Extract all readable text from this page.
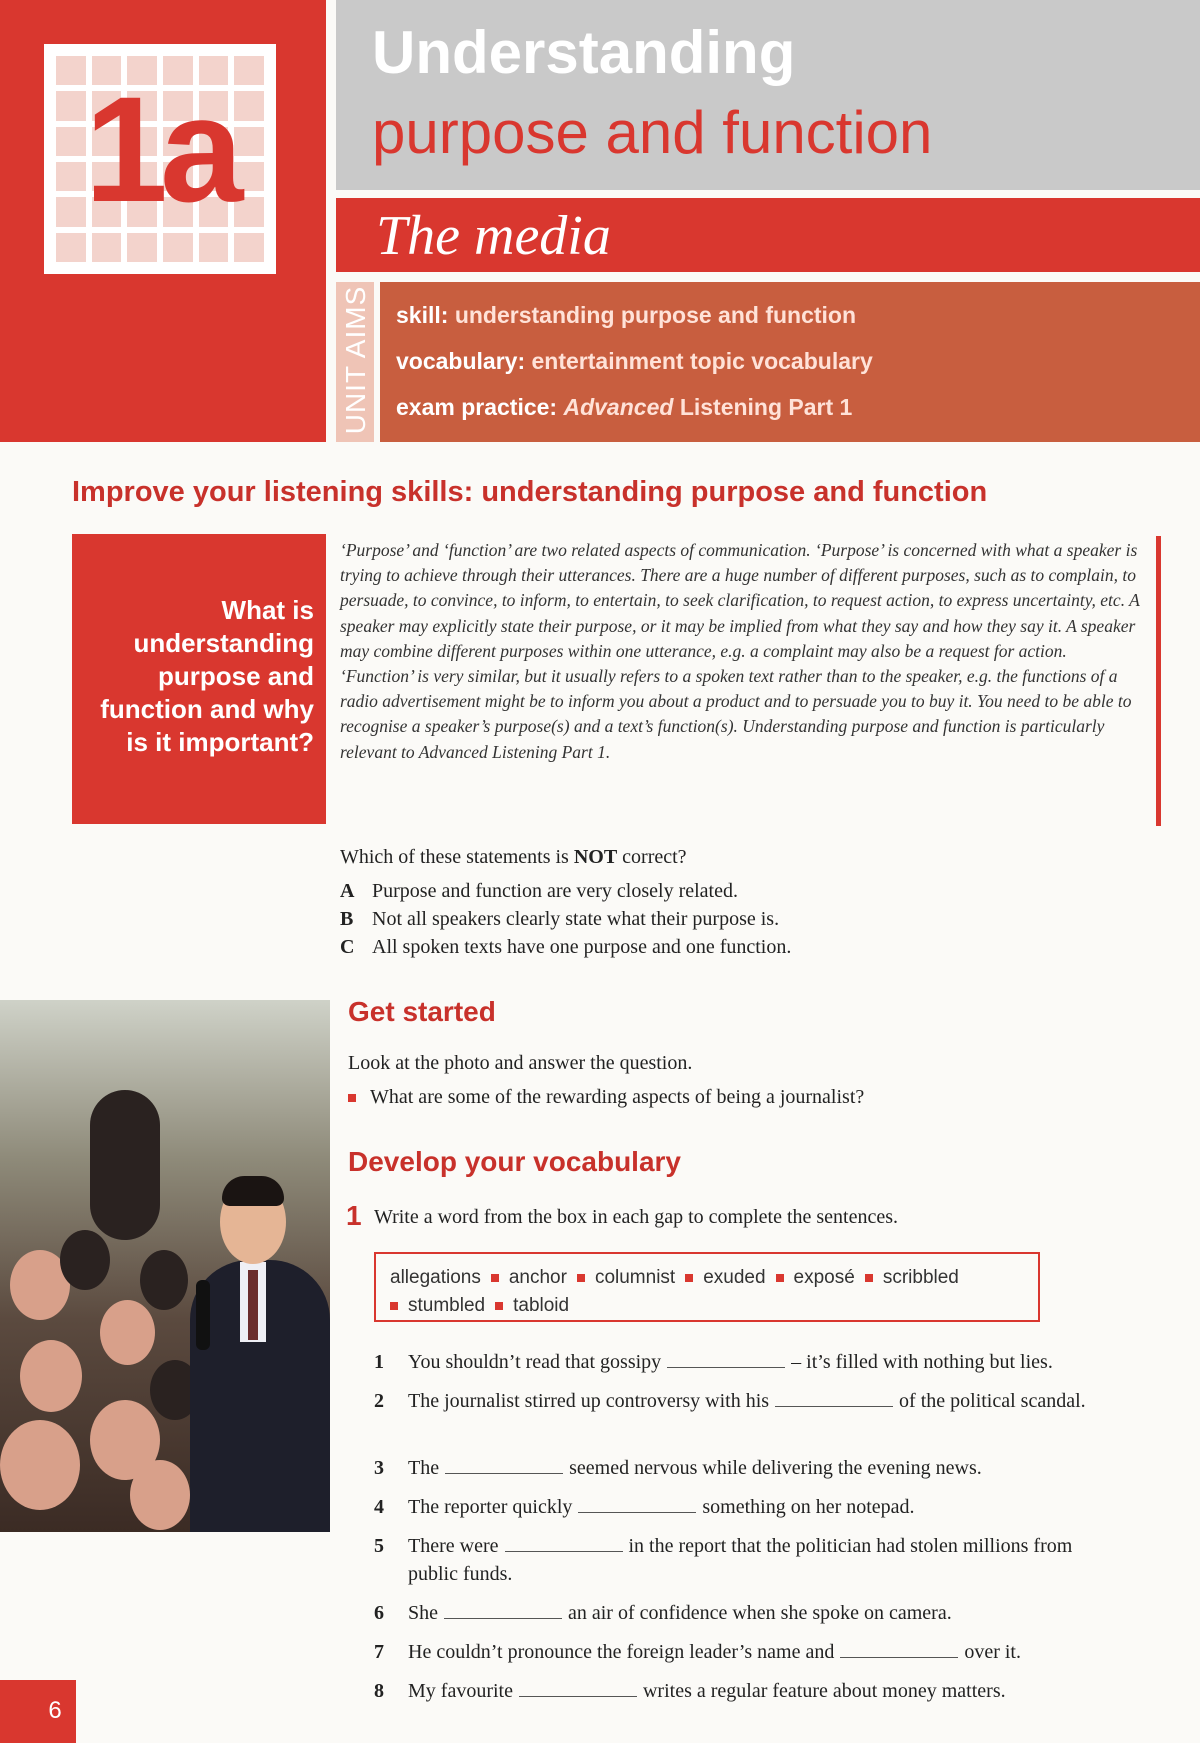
1a
Understanding
purpose and function
The media
UNIT AIMS skill: understanding purpose and function
vocabulary: entertainment topic vocabulary
exam practice: Advanced Listening Part 1
Improve your listening skills: understanding purpose and function
What is understanding purpose and function and why is it important?
‘Purpose’ and ‘function’ are two related aspects of communication. ‘Purpose’ is concerned with what a speaker is trying to achieve through their utterances. There are a huge number of different purposes, such as to complain, to persuade, to convince, to inform, to entertain, to seek clarification, to request action, to express uncertainty, etc. A speaker may explicitly state their purpose, or it may be implied from what they say and how they say it. A speaker may combine different purposes within one utterance, e.g. a complaint may also be a request for action. ‘Function’ is very similar, but it usually refers to a spoken text rather than to the speaker, e.g. the functions of a radio advertisement might be to inform you about a product and to persuade you to buy it. You need to be able to recognise a speaker’s purpose(s) and a text’s function(s). Understanding purpose and function is particularly relevant to Advanced Listening Part 1.
Which of these statements is NOT correct?
A Purpose and function are very closely related.
B Not all speakers clearly state what their purpose is.
C All spoken texts have one purpose and one function.
Get started
Look at the photo and answer the question.
What are some of the rewarding aspects of being a journalist?
Develop your vocabulary
1 Write a word from the box in each gap to complete the sentences.
allegations anchor columnist exuded exposé scribbled
stumbled tabloid
1 You shouldn’t read that gossipy	– it’s filled with nothing but lies.
2 The journalist stirred up controversy with his	of the political scandal.
3 The	seemed nervous while delivering the evening news.
4 The reporter quickly	something on her notepad.
5 There were	in the report that the politician had stolen millions from public funds.
6 She	an air of confidence when she spoke on camera.
7 He couldn’t pronounce the foreign leader’s name and	over it.
8 My favourite	writes a regular feature about money matters.
6
